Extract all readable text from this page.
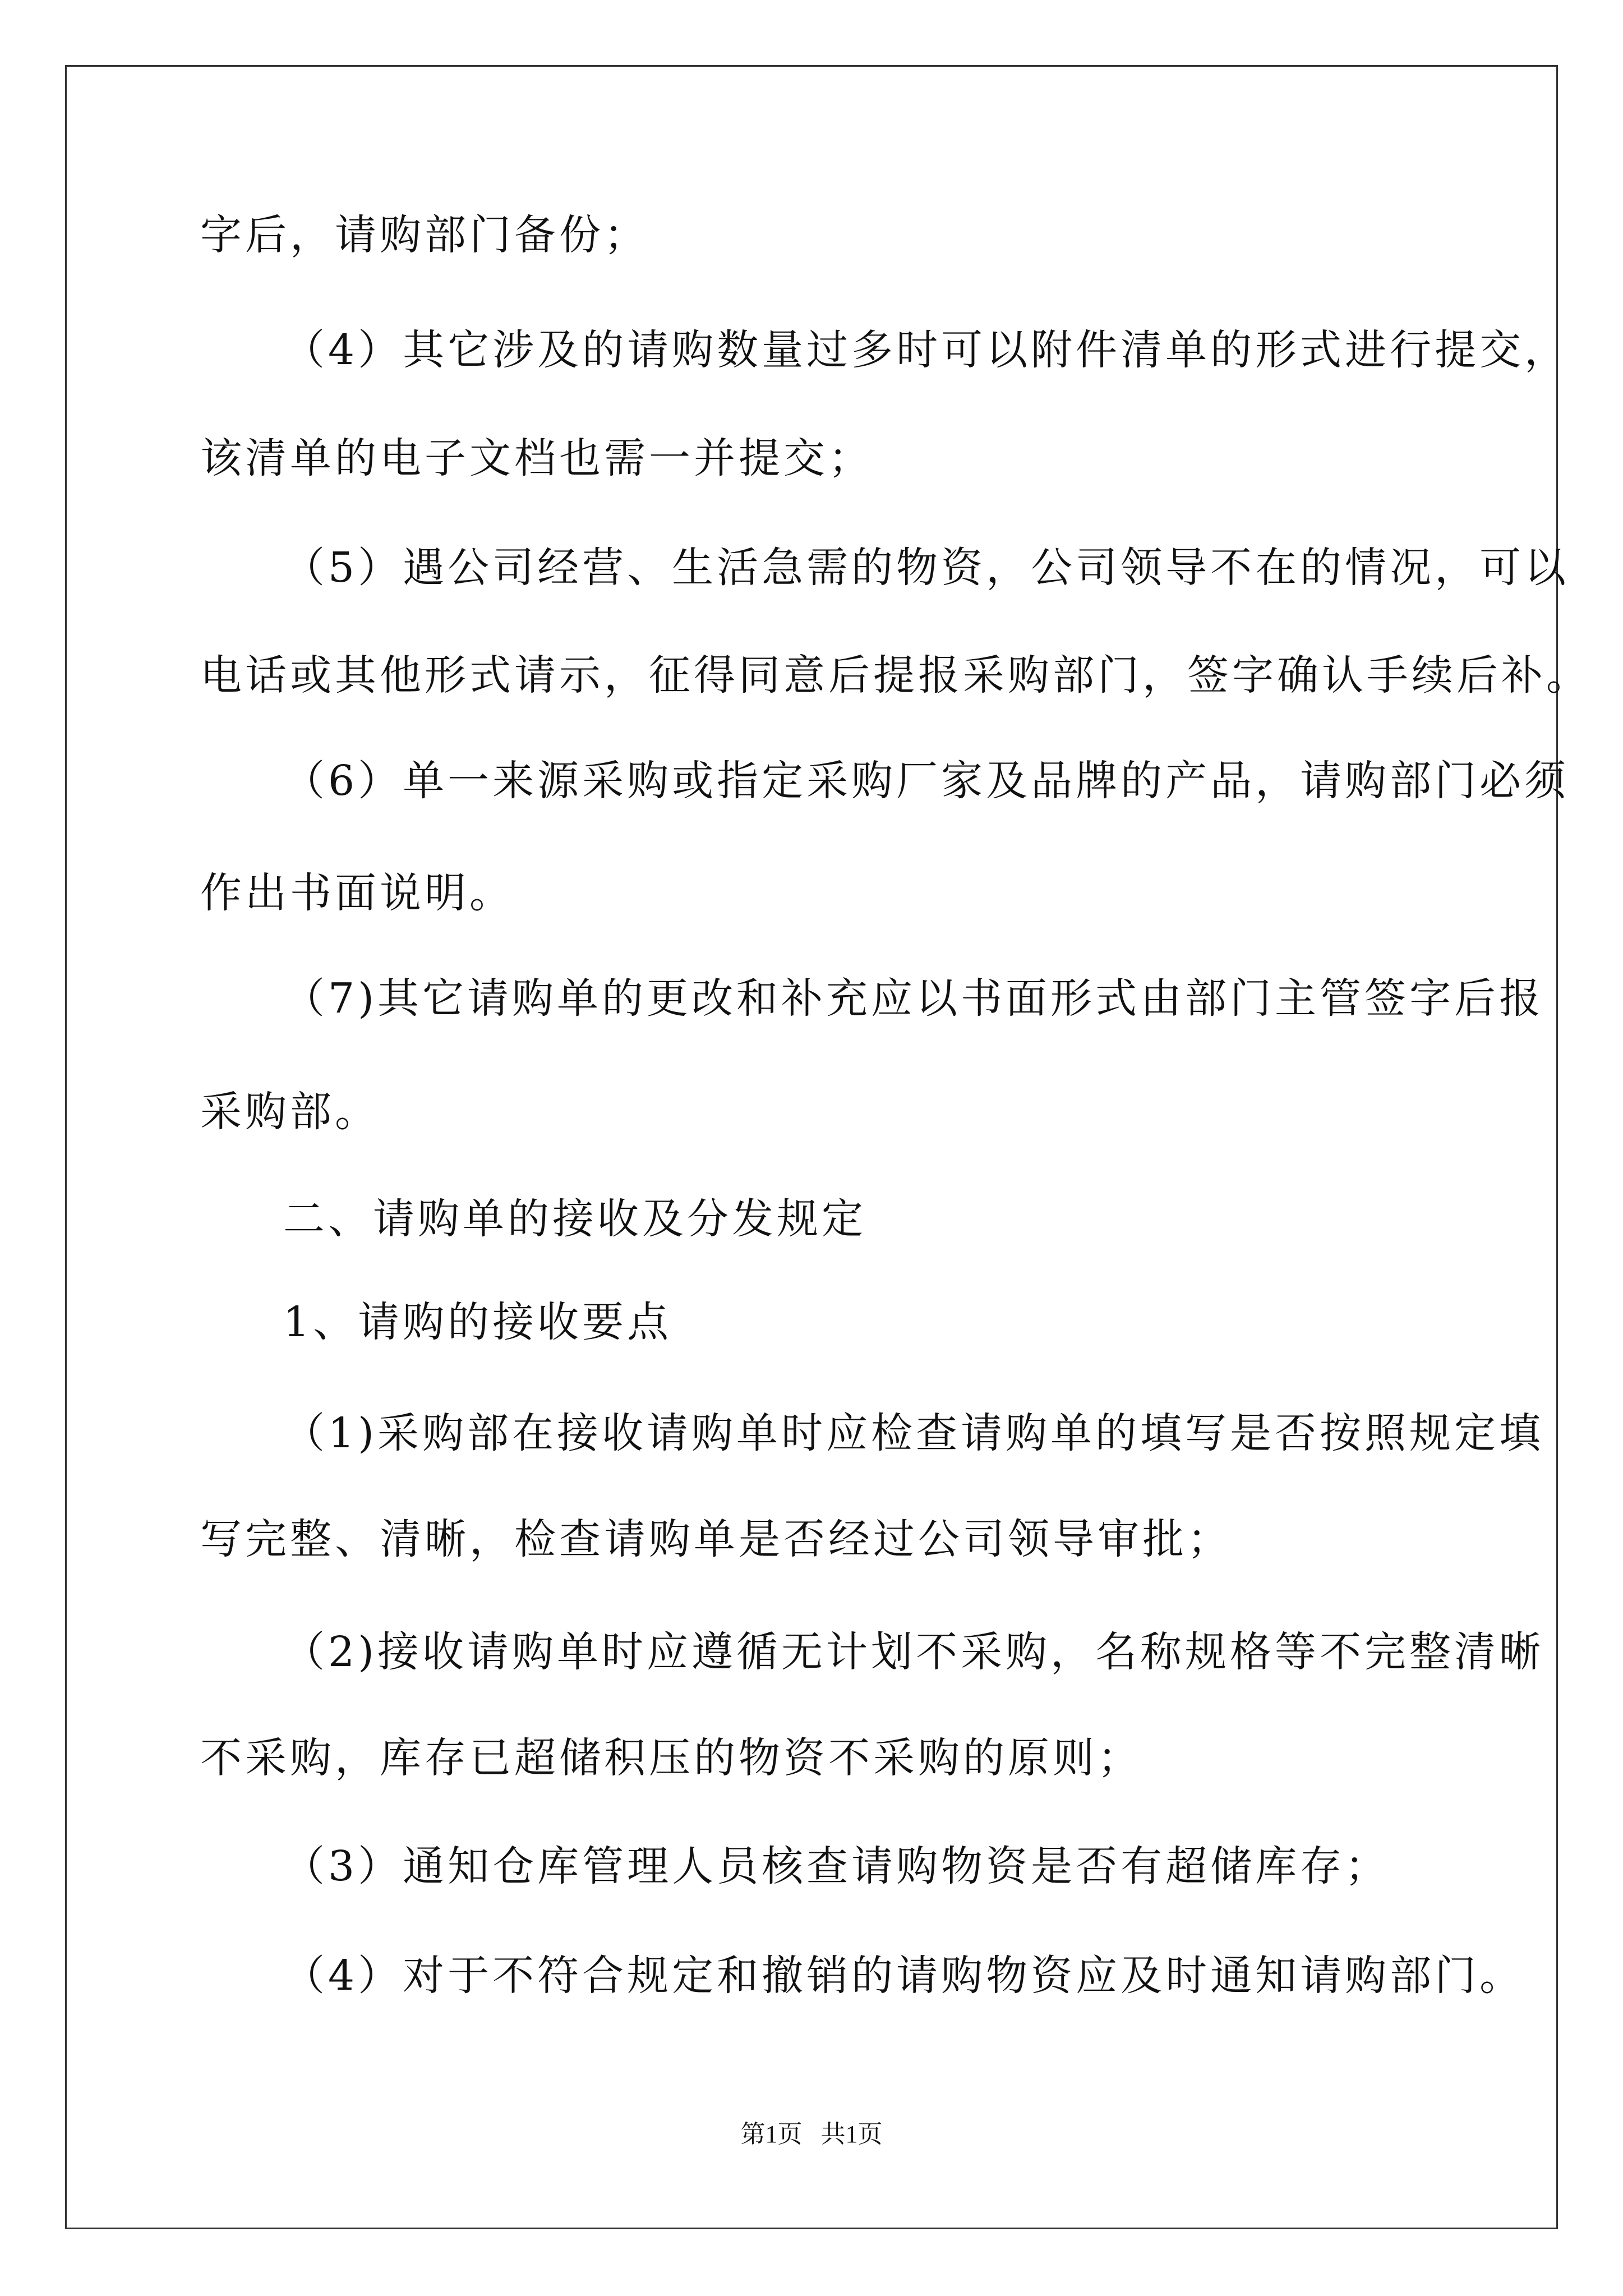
字后，请购部门备份；
（4）其它涉及的请购数量过多时可以附件清单的形式进行提交，
该清单的电子文档也需一并提交；
（5）遇公司经营、生活急需的物资，公司领导不在的情况，可以
电话或其他形式请示，征得同意后提报采购部门，签字确认手续后补。
（6）单一来源采购或指定采购厂家及品牌的产品，请购部门必须
作出书面说明。
（7)其它请购单的更改和补充应以书面形式由部门主管签字后报
采购部。
二、请购单的接收及分发规定
1、请购的接收要点
（1)采购部在接收请购单时应检查请购单的填写是否按照规定填
写完整、清晰，检查请购单是否经过公司领导审批；
（2)接收请购单时应遵循无计划不采购，名称规格等不完整清晰
不采购，库存已超储积压的物资不采购的原则；
（3）通知仓库管理人员核查请购物资是否有超储库存；
（4）对于不符合规定和撤销的请购物资应及时通知请购部门。
第1页   共1页
